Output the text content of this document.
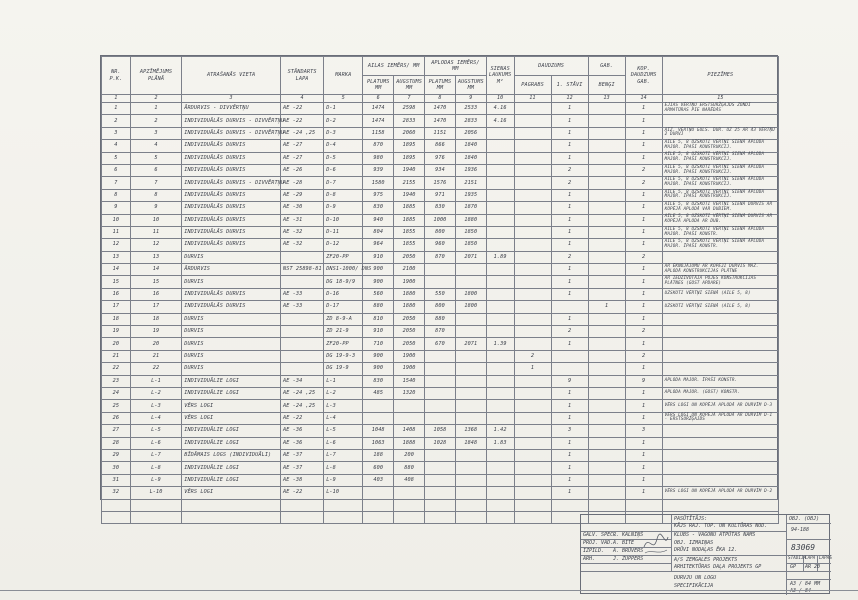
NR. P.K.	APZĪMĒJUMS PLĀNĀ	ATRAŠANĀS VIETA	STĀNDARTS LAPA	MARKA	AILAS IEMĒRS/ MM		APLODAS IEMĒRS/ MM		SIENAS LAUKUMS M²	DAUDZUMS		GAB.	KOP. DAUDZUMS GAB.	PIEZĪMES
					PLATUMS MM	AUGSTUMS MM	PLATUMS MM	AUGSTUMS MM		PAGRABS	1. STĀVI	BENĢI		
1	2	3	4	5	6	7	8	9	10	11	12	13	14	15
1	1	ĀRDURVIS - DIVVĒRTŅU	AE -22	D-1	1474	2598	1470	2533	4.16		1		1	EJIAS VĒRTŅU ERSTSURŽĢAJDS ZONDI ARMATŪRAS PIE NARĒDĀS
2	2	INDIVIDUĀLĀS DURVIS - DIVVĒRTŅU	AE -22	D-2	1474	2833	1470	2833	4.16		1		1	
3	3	INDIVIDUĀLĀS DURVIS - DIVVĒRTŅU	AE -24 ,25	D-3	1158	2060	1151	2056			1		1	AIZ. VĒRTŅU GULS. DUR. UZ 25 AR 43 VĒRTŅU 2 DURVJ
4	4	INDIVIDUĀLĀS DURVIS	AE -27	D-4	870	1895	866	1840			1		1	AILE 5, 8 UZSKOTI VĒRTŅI SIENĀ APLODA MAJOR. ĪPAŠI KONSTRUKCIJ.
5	5	INDIVIDUĀLĀS DURVIS	AE -27	D-5	980	1895	976	1840			1		1	AILE 5, 8 UZSKOTI VĒRTŅI SIENĀ APLODA MAJOR. ĪPAŠI KONSTRUKCIJ.
6	6	INDIVIDUĀLĀS DURVIS	AE -26	D-6	939	1940	934	1936			2		2	AILE 5, 8 UZSKOTI VĒRTŅI SIENĀ APLODA MAJOR. ĪPAŠI KONSTRUKCIJ.
7	7	INDIVIDUĀLĀS DURVIS - DIVVĒRTŅU	AE -28	D-7	1580	2155	1576	2151			2		2	AILE 5, 8 UZSKOTI VĒRTŅI SIENĀ APLODA MAJOR. ĪPAŠI KONSTRUKCIJ.
8	8	INDIVIDUĀLĀS DURVIS	AE -29	D-8	975	1940	971	1935			1		1	AILE 5, 8 UZSKOTI VĒRTŅI SIENĀ APLODA MAJOR. ĪPAŠI KONSTRUKCIJ.
9	9	INDIVIDUĀLĀS DURVIS	AE -30	D-9	830	1885	830	1870			1		1	AILE 5, 8 UZSKOTI VĒRTŅI SIENĀ DURVIS AR KOPĒJĀ APLODĀ VAR DUBIEM.
10	10	INDIVIDUĀLĀS DURVIS	AE -31	D-10	940	1885	1000	1880			1		1	AILE 5, 8 UZSKOTI VĒRTŅI SIENĀ DURVIS AR KOPĒJĀ APLODA AR DUB.
11	11	INDIVIDUĀLĀS DURVIS	AE -32	D-11	804	1855	800	1850			1		1	AILE 5, 8 UZSKOTI VĒRTŅI SIENĀ APLODA MAJOR. ĪPAŠI KONSTR.
12	12	INDIVIDUĀLĀS DURVIS	AE -32	D-12	964	1855	960	1850			1		1	AILE 5, 8 UZSKOTI VĒRTŅI SIENĀ APLODA MAJOR. ĪPAŠI KONSTR.
13	13	DURVIS		ZF20-PP	910	2050	870	2071	1.89		2		2	
14	14	ĀRDURVIS	NST 25898-81	DNS1-1000/ DNS	900	2100					1		1	AR ĒKNOJĀJUMU AR KOPĒJI DURVIS MAZ. APLODĀ KONSTRUKCIJAS PLĀTNE
15	15	DURVIS		DG 18-9/9	900	1900					1		1	AR IEDZĪVOTĀJA POJES KONSTRUKCIJAS PLĀTNES (GOST APDARE)
16	16	INDIVIDUĀLĀS DURVIS	AE -33	D-16	560	1880	550	1800			1		1	UZSKOTI VĒRTŅI SIENĀ (AILE 5, 8)
17	17	INDIVIDUĀLĀS DURVIS	AE -33	D-17	880	1880	800	1800				1	1	UZSKOTI VĒRTŅI SIENĀ (AILE 5, 8)
18	18	DURVIS		ZD 8-9-A	810	2050	880				1		1	
19	19	DURVIS		ZD 21-9	910	2050	870				2		2	
20	20	DURVIS		ZF20-PP	710	2050	670	2071	1.39		1		1	
21	21	DURVIS		DG 19-9-3	900	1900				2			2	
22	22	DURVIS		DG 19-9	900	1900				1			1	
23	L-1	INDIVIDUĀLIE LOGI	AE -34	L-1	830	1540					9		9	APLODA MAJOR. ĪPAŠI KONSTR.
24	L-2	INDIVIDUĀLIE LOGI	AE -24 ,25	L-2	485	1320					1		1	APLODA MAJOR. (GOST) KONSTR.
25	L-3	VĒRS LOGI	AE -24 ,25	L-3							1		1	VĒRS LOGI UN KOPĒJĀ APLODĀ AR DURVĪM D-3
26	L-4	VĒRS LOGI	AE -22	L-4							1		1	VĒRS LOGI UN KOPĒJĀ APLODĀ AR DURVĪM D-1 - ERSTSURŽĢAJDS
27	L-5	INDIVIDUĀLIE LOGI	AE -36	L-5	1048	1408	1058	1368	1.42		3		3	
28	L-6	INDIVIDUĀLIE LOGI	AE -36	L-6	1063	1888	1028	1848	1.83		1		1	
29	L-7	BĪDĀMAIS LOGS (INDIVIDUĀLI)	AE -37	L-7	188	200					1		1	
30	L-8	INDIVIDUĀLIE LOGI	AE -37	L-8	600	880					1		1	
31	L-9	INDIVIDUĀLIE LOGI	AE -38	L-9	403	408					1		1	
32	L-10	VĒRS LOGI	AE -22	L-10							1		1	VĒRS LOGI UN KOPĒJĀ APLODĀ AR DURVĪM D-2

PASŪTĪTĀJS:
KĀJS RAJ. TOP. UN KULTŪRAS NOD.
KLUBS - VAGONU ATPŪTAS NAMS
OBJ. IZMAIŅAS
DRŪVI NODAĻAS ĒKA 12.
OBJ. (OBJ)
94-188
83069
GALV. SPEC.
R. KALNIŅŠ
PROJ. VAD. A. BITE
IZPILD. A. BRŪVERS
ARH.	J. ZUPPERS	A/S ZEMGALES PROJEKTS
ARHITEKTŪRAS DAĻA PROJEKTS GP
STADIJA
LAPA LAPAS
GP AR 20
DURVJU UN LOGU
SPECIFIKĀCIJA	A3 / 84 MM
A3 / 84
